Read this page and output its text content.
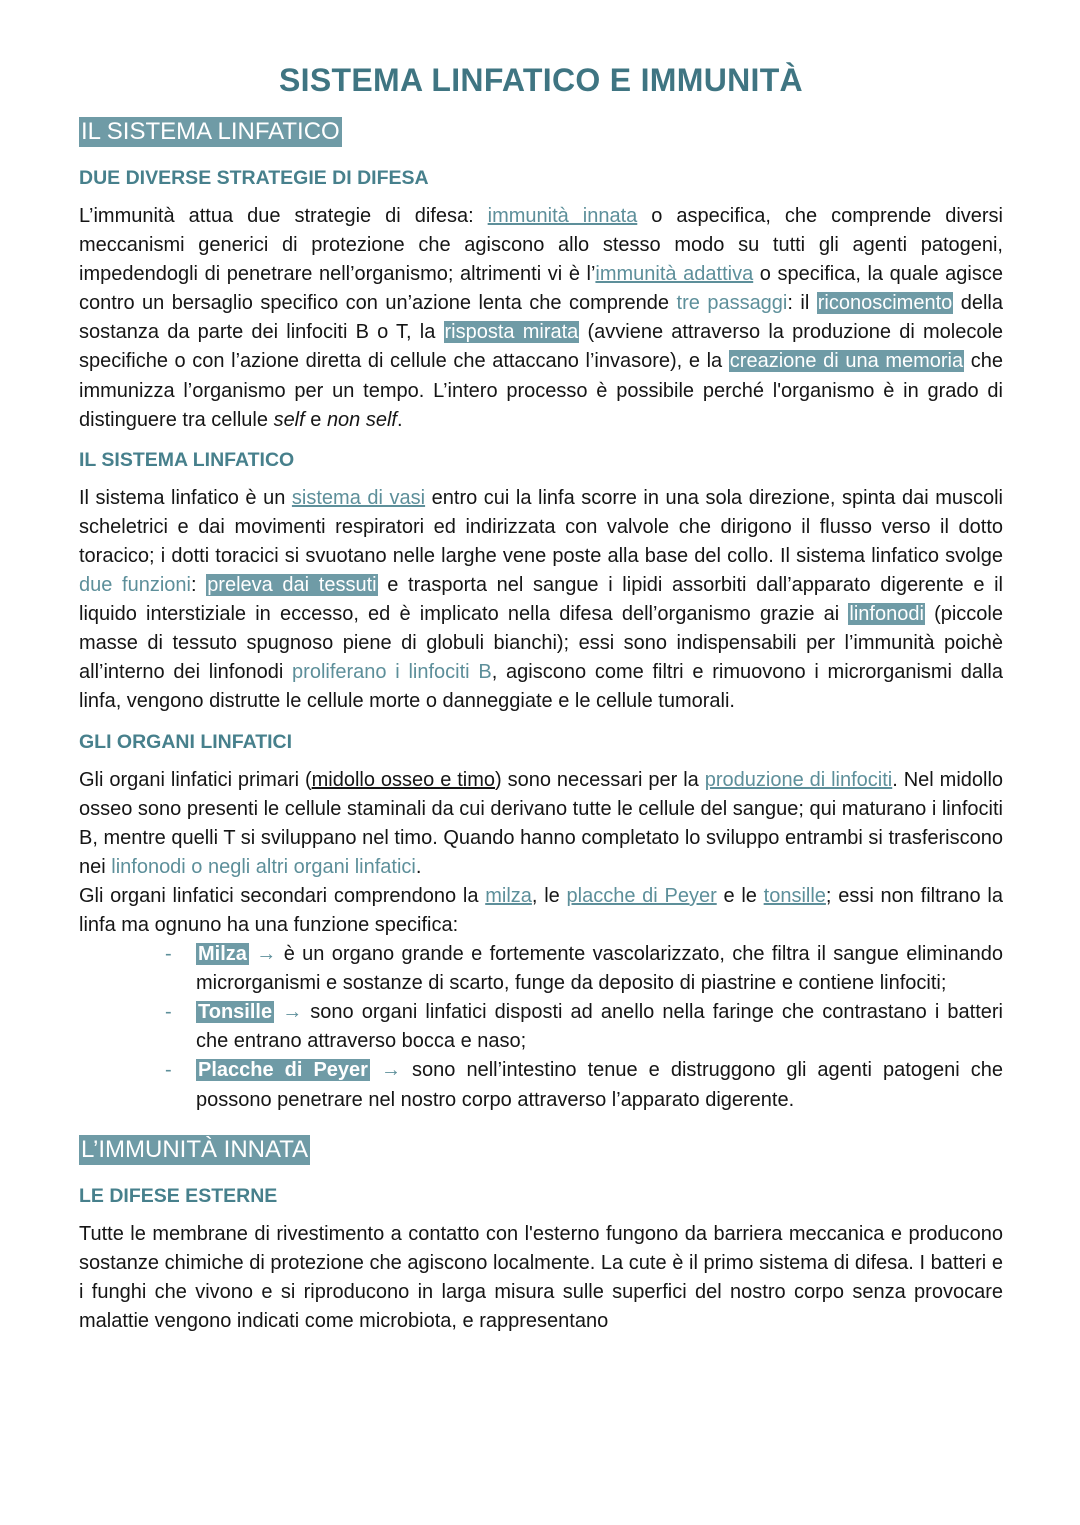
SISTEMA LINFATICO E IMMUNITÀ
IL SISTEMA LINFATICO
DUE DIVERSE STRATEGIE DI DIFESA
L’immunità attua due strategie di difesa: immunità innata o aspecifica, che comprende diversi meccanismi generici di protezione che agiscono allo stesso modo su tutti gli agenti patogeni, impedendogli di penetrare nell’organismo; altrimenti vi è l’immunità adattiva o specifica, la quale agisce contro un bersaglio specifico con un’azione lenta che comprende tre passaggi: il riconoscimento della sostanza da parte dei linfociti B o T, la risposta mirata (avviene attraverso la produzione di molecole specifiche o con l’azione diretta di cellule che attaccano l’invasore), e la creazione di una memoria che immunizza l’organismo per un tempo. L’intero processo è possibile perché l'organismo è in grado di distinguere tra cellule self e non self.
IL SISTEMA LINFATICO
Il sistema linfatico è un sistema di vasi entro cui la linfa scorre in una sola direzione, spinta dai muscoli scheletrici e dai movimenti respiratori ed indirizzata con valvole che dirigono il flusso verso il dotto toracico; i dotti toracici si svuotano nelle larghe vene poste alla base del collo. Il sistema linfatico svolge due funzioni: preleva dai tessuti e trasporta nel sangue i lipidi assorbiti dall’apparato digerente e il liquido interstiziale in eccesso, ed è implicato nella difesa dell’organismo grazie ai linfonodi (piccole masse di tessuto spugnoso piene di globuli bianchi); essi sono indispensabili per l’immunità poichè all’interno dei linfonodi proliferano i linfociti B, agiscono come filtri e rimuovono i microrganismi dalla linfa, vengono distrutte le cellule morte o danneggiate e le cellule tumorali.
GLI ORGANI LINFATICI
Gli organi linfatici primari (midollo osseo e timo) sono necessari per la produzione di linfociti. Nel midollo osseo sono presenti le cellule staminali da cui derivano tutte le cellule del sangue; qui maturano i linfociti B, mentre quelli T si sviluppano nel timo. Quando hanno completato lo sviluppo entrambi si trasferiscono nei linfonodi o negli altri organi linfatici.
Gli organi linfatici secondari comprendono la milza, le placche di Peyer e le tonsille; essi non filtrano la linfa ma ognuno ha una funzione specifica:
-	Milza → è un organo grande e fortemente vascolarizzato, che filtra il sangue eliminando microrganismi e sostanze di scarto, funge da deposito di piastrine e contiene linfociti;
-	Tonsille → sono organi linfatici disposti ad anello nella faringe che contrastano i batteri che entrano attraverso bocca e naso;
-	Placche di Peyer → sono nell’intestino tenue e distruggono gli agenti patogeni che possono penetrare nel nostro corpo attraverso l’apparato digerente.
L’IMMUNITÀ INNATA
LE DIFESE ESTERNE
Tutte le membrane di rivestimento a contatto con l'esterno fungono da barriera meccanica e producono sostanze chimiche di protezione che agiscono localmente. La cute è il primo sistema di difesa. I batteri e i funghi che vivono e si riproducono in larga misura sulle superfici del nostro corpo senza provocare malattie vengono indicati come microbiota, e rappresentano
